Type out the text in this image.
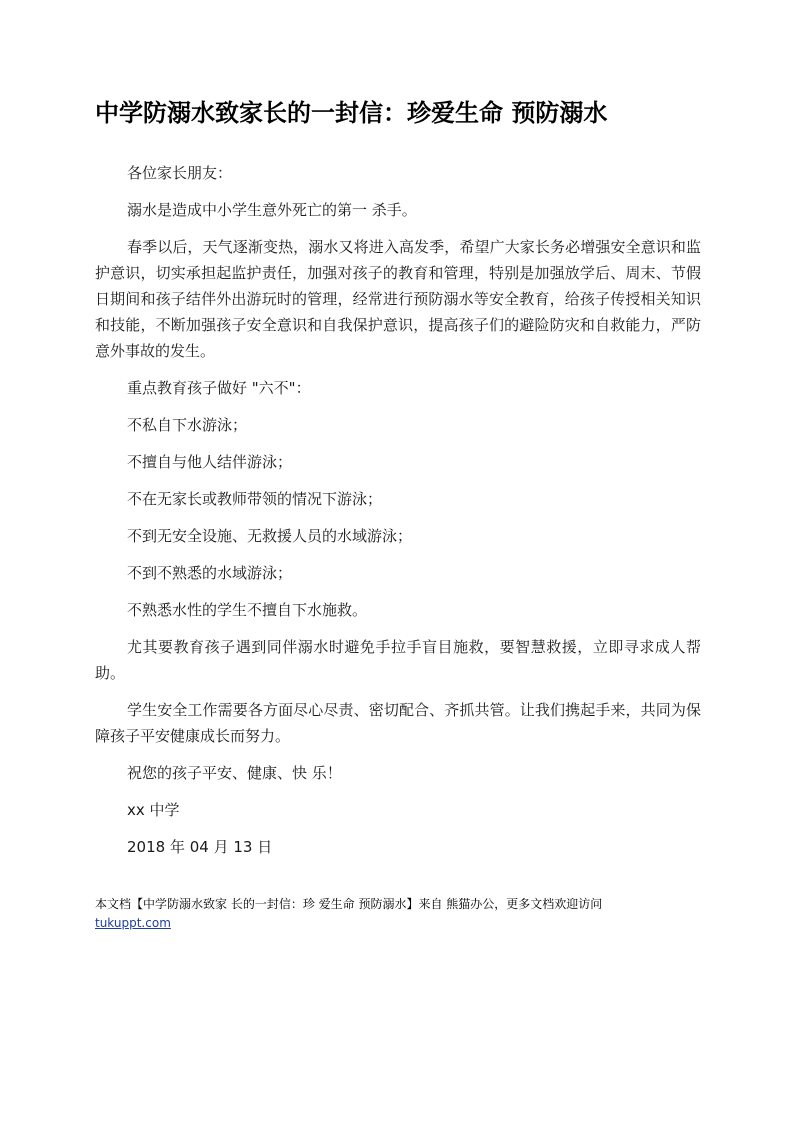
中学防溺水致家长的一封信：珍爱生命 预防溺水

各位家长朋友：

溺水是造成中小学生意外死亡的第一 杀手。

春季以后，天气逐渐变热，溺水又将进入高发季，希望广大家长务必增强安全意识和监护意识，切实承担起监护责任，加强对孩子的教育和管理，特别是加强放学后、周末、节假日期间和孩子结伴外出游玩时的管理，经常进行预防溺水等安全教育，给孩子传授相关知识和技能，不断加强孩子安全意识和自我保护意识，提高孩子们的避险防灾和自救能力，严防意外事故的发生。

重点教育孩子做好 "六不"：

不私自下水游泳；

不擅自与他人结伴游泳；

不在无家长或教师带领的情况下游泳；

不到无安全设施、无救援人员的水域游泳；

不到不熟悉的水域游泳；

不熟悉水性的学生不擅自下水施救。

尤其要教育孩子遇到同伴溺水时避免手拉手盲目施救，要智慧救援，立即寻求成人帮助。

学生安全工作需要各方面尽心尽责、密切配合、齐抓共管。让我们携起手来，共同为保障孩子平安健康成长而努力。

祝您的孩子平安、健康、快 乐！

xx 中学

2018 年 04 月 13 日

本文档【中学防溺水致家 长的一封信：珍 爱生命 预防溺水】来自 熊猫办公，更多文档欢迎访问
tukuppt.com
